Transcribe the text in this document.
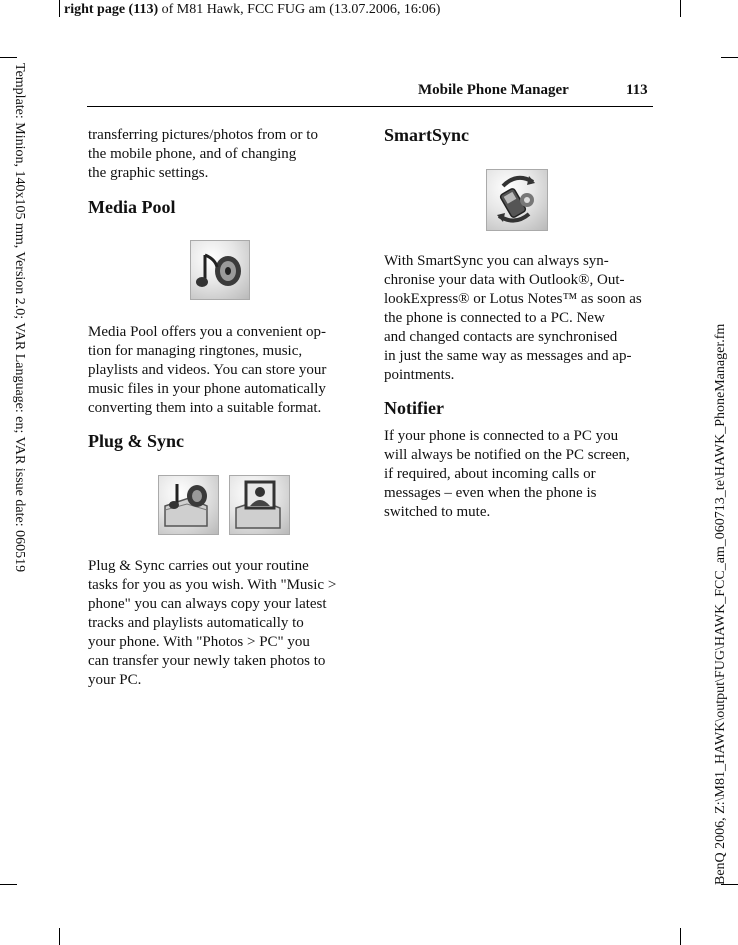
right page (113) of M81 Hawk, FCC FUG am (13.07.2006, 16:06)
Template: Minion, 140x105 mm, Version 2.0; VAR Language: en; VAR issue date: 060519
BenQ 2006, Z:\M81_HAWK\output\FUG\HAWK_FCC_am_060713_te\HAWK_PhoneManager.fm
Mobile Phone Manager	113

transferring pictures/photos from or to

the mobile phone, and of changing

the graphic settings.

Media Pool

Media Pool offers you a convenient op-

tion for managing ringtones, music,

playlists and videos. You can store your

music files in your phone automatically

converting them into a suitable format.

Plug & Sync

Plug & Sync carries out your routine

tasks for you as you wish. With "Music >

phone" you can always copy your latest

tracks and playlists automatically to

your phone. With "Photos > PC" you

can transfer your newly taken photos to

your PC.

SmartSync

With SmartSync you can always syn-

chronise your data with Outlook®, Out-

lookExpress® or Lotus Notes™ as soon as

the phone is connected to a PC. New

and changed contacts are synchronised

in just the same way as messages and ap-

pointments.

Notifier

If your phone is connected to a PC you

will always be notified on the PC screen,

if required, about incoming calls or

messages – even when the phone is

switched to mute.
